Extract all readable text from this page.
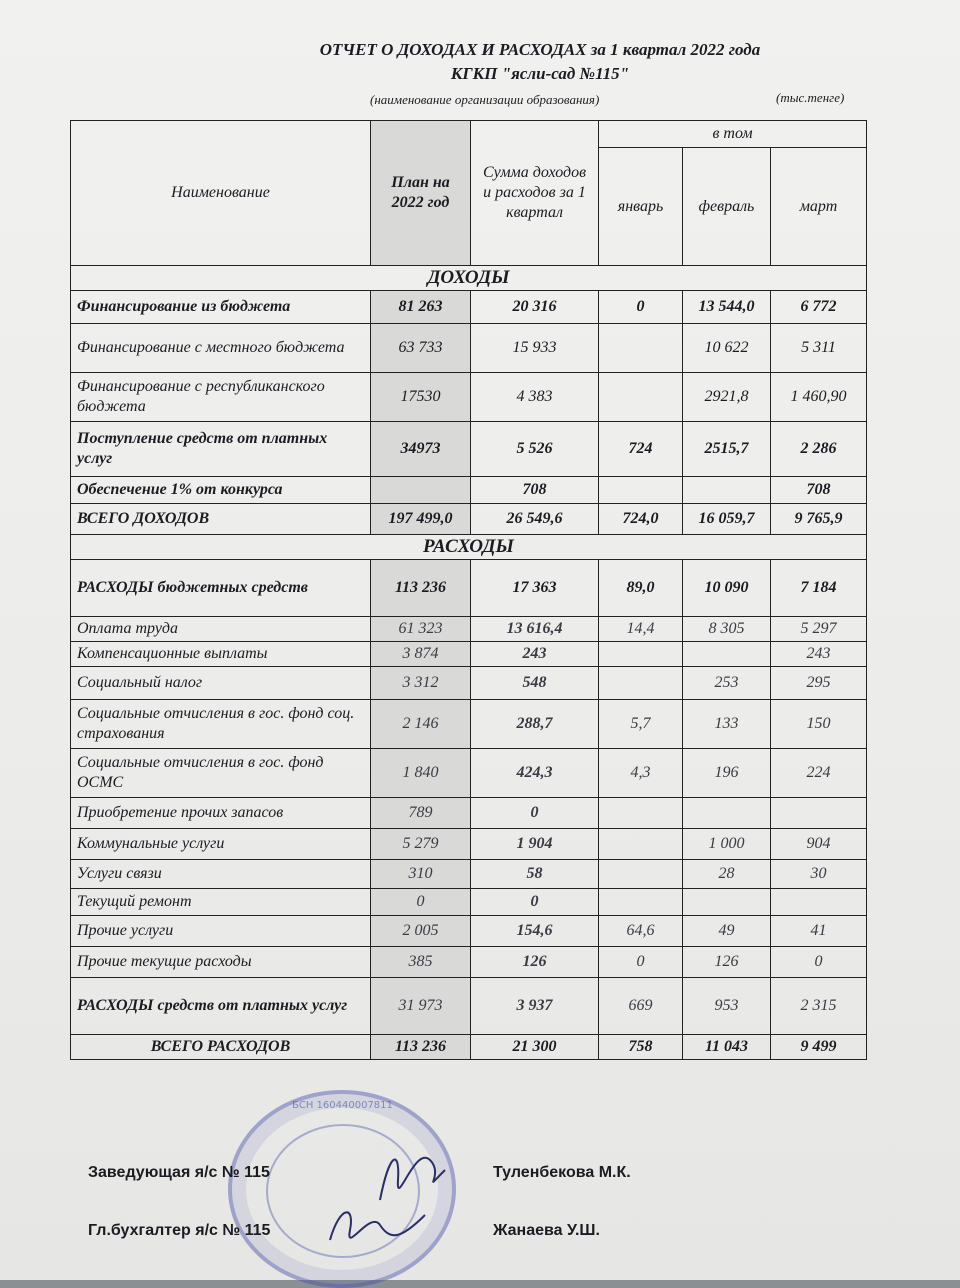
ОТЧЕТ О ДОХОДАХ И РАСХОДАХ за 1 квартал 2022 года
КГКП "ясли-сад №115"
(наименование организации образования)	(тыс.тенге)
Наименование	План на 2022 год	Сумма доходов и расходов за 1 квартал	в том		
			январь	февраль	март
ДОХОДЫ					
Финансирование из бюджета	81 263	20 316	0	13 544,0	6 772
Финансирование с местного бюджета	63 733	15 933		10 622	5 311
Финансирование с республиканского бюджета	17530	4 383		2921,8	1 460,90
Поступление средств от платных услуг	34973	5 526	724	2515,7	2 286
Обеспечение 1% от конкурса		708			708
ВСЕГО ДОХОДОВ	197 499,0	26 549,6	724,0	16 059,7	9 765,9
РАСХОДЫ					
РАСХОДЫ бюджетных средств	113 236	17 363	89,0	10 090	7 184
Оплата труда	61 323	13 616,4	14,4	8 305	5 297
Компенсационные выплаты	3 874	243			243
Социальный налог	3 312	548		253	295
Социальные отчисления в гос. фонд соц. страхования	2 146	288,7	5,7	133	150
Социальные отчисления в гос. фонд ОСМС	1 840	424,3	4,3	196	224
Приобретение прочих запасов	789	0			
Коммунальные услуги	5 279	1 904		1 000	904
Услуги связи	310	58		28	30
Текущий ремонт	0	0			
Прочие услуги	2 005	154,6	64,6	49	41
Прочие текущие расходы	385	126	0	126	0
РАСХОДЫ средств от платных услуг	31 973	3 937	669	953	2 315
ВСЕГО РАСХОДОВ	113 236	21 300	758	11 043	9 499
БСН 160440007811
Заведующая я/с № 115	Туленбекова М.К.
Гл.бухгалтер я/с № 115	Жанаева У.Ш.
